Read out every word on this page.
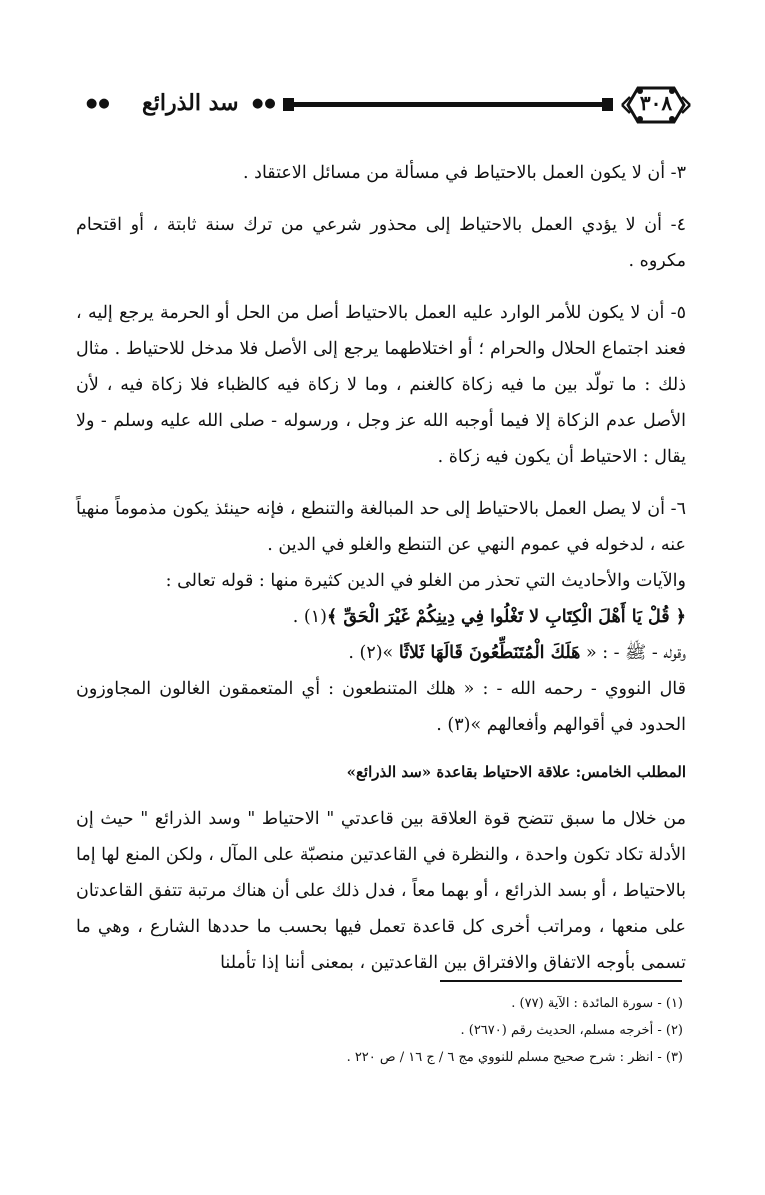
٣٠٨
●●
سد الذرائع
●●

٣- أن لا يكون العمل بالاحتياط في مسألة من مسائل الاعتقاد .

٤- أن لا يؤدي العمل بالاحتياط إلى محذور شرعي من ترك سنة ثابتة ، أو اقتحام مكروه .

٥- أن لا يكون للأمر الوارد عليه العمل بالاحتياط أصل من الحل أو الحرمة يرجع إليه ، فعند اجتماع الحلال والحرام ؛ أو اختلاطهما يرجع إلى الأصل فلا مدخل للاحتياط . مثال ذلك : ما تولّد بين ما فيه زكاة كالغنم ، وما لا زكاة فيه كالظباء فلا زكاة فيه ، لأن الأصل عدم الزكاة إلا فيما أوجبه الله عز وجل ، ورسوله - صلى الله عليه وسلم - ولا يقال : الاحتياط أن يكون فيه زكاة .

٦- أن لا يصل العمل بالاحتياط إلى حد المبالغة والتنطع ، فإنه حينئذ يكون مذموماً منهياً عنه ، لدخوله في عموم النهي عن التنطع والغلو في الدين .

والآيات والأحاديث التي تحذر من الغلو في الدين كثيرة منها : قوله تعالى :

﴿ قُلْ يَا أَهْلَ الْكِتَابِ لا تَغْلُوا فِي دِينِكُمْ غَيْرَ الْحَقِّ ﴾(١) .

وقوله - ﷺ - : « هَلَكَ الْمُتَنَطِّعُونَ قَالَهَا ثَلاثًا »(٢) .

قال النووي - رحمه الله - : « هلك المتنطعون : أي المتعمقون الغالون المجاوزون الحدود في أقوالهم وأفعالهم »(٣) .

المطلب الخامس: علاقة الاحتياط بقاعدة «سد الذرائع»

من خلال ما سبق تتضح قوة العلاقة بين قاعدتي " الاحتياط " وسد الذرائع " حيث إن الأدلة تكاد تكون واحدة ، والنظرة في القاعدتين منصبّة على المآل ، ولكن المنع لها إما بالاحتياط ، أو بسد الذرائع ، أو بهما معاً ، فدل ذلك على أن هناك مرتبة تتفق القاعدتان على منعها ، ومراتب أخرى كل قاعدة تعمل فيها بحسب ما حددها الشارع ، وهي ما تسمى بأوجه الاتفاق والافتراق بين القاعدتين ، بمعنى أننا إذا تأملنا

(١) - سورة المائدة : الآية (٧٧) .

(٢) - أخرجه مسلم، الحديث رقم (٢٦٧٠) .

(٣) - انظر : شرح صحيح مسلم للنووي مج ٦ / ج ١٦ / ص ٢٢٠ .
